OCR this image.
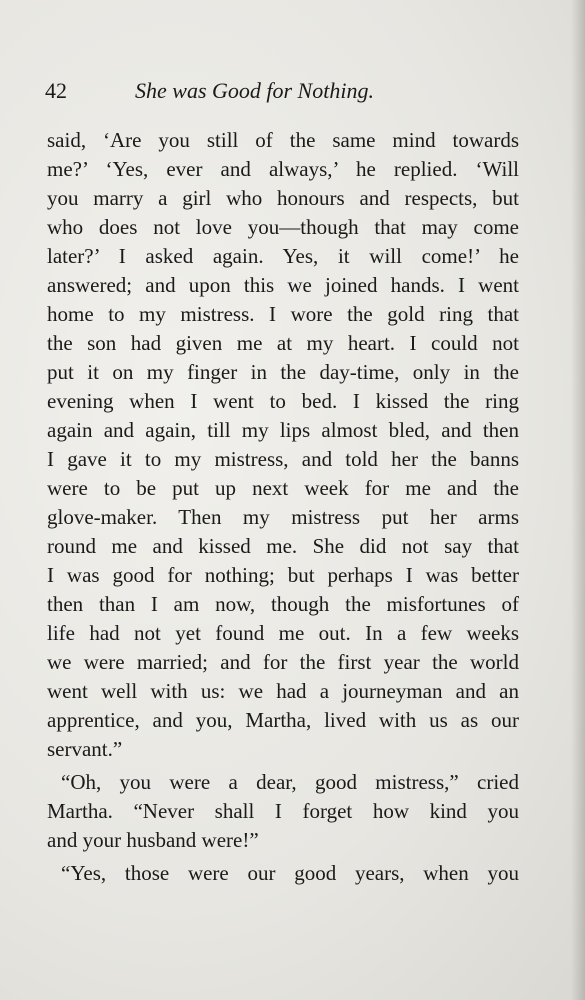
42	She was Good for Nothing.
said, ‘Are you still of the same mind towards
me?’ ‘Yes, ever and always,’ he replied. ‘Will
you marry a girl who honours and respects, but
who does not love you—though that may come
later?’ I asked again. Yes, it will come!’ he
answered; and upon this we joined hands. I went
home to my mistress. I wore the gold ring that
the son had given me at my heart. I could not
put it on my finger in the day-time, only in the
evening when I went to bed. I kissed the ring
again and again, till my lips almost bled, and then
I gave it to my mistress, and told her the banns
were to be put up next week for me and the
glove-maker. Then my mistress put her arms
round me and kissed me. She did not say that
I was good for nothing; but perhaps I was better
then than I am now, though the misfortunes of
life had not yet found me out. In a few weeks
we were married; and for the first year the world
went well with us: we had a journeyman and an
apprentice, and you, Martha, lived with us as our
servant.”
“Oh, you were a dear, good mistress,” cried
Martha. “Never shall I forget how kind you
and your husband were!”
“Yes, those were our good years, when you
